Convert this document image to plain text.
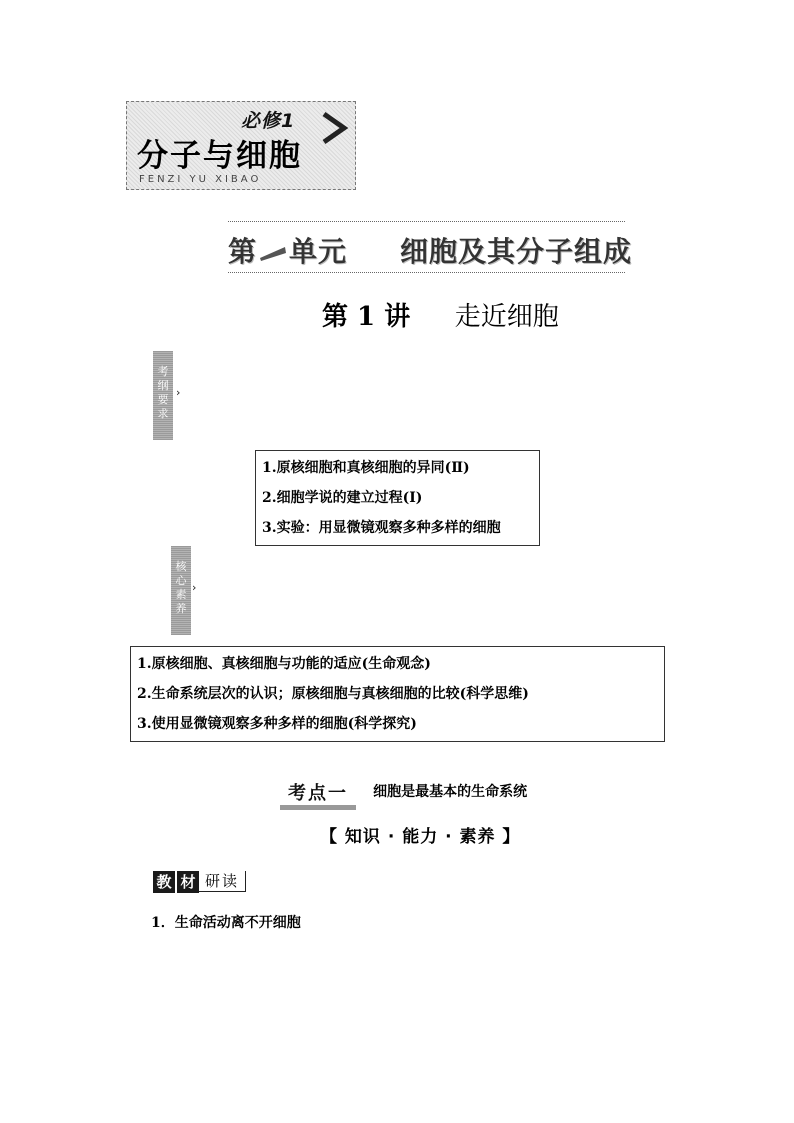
必修1
分子与细胞
FENZI YU XIBAO
第 单元 细胞及其分子组成
第 1 讲 走近细胞
考
纲
要
求
›
1.原核细胞和真核细胞的异同(Ⅱ)
2.细胞学说的建立过程(Ⅰ)
3.实验：用显微镜观察多种多样的细胞
核
心
素
养
›
1.原核细胞、真核细胞与功能的适应(生命观念)
2.生命系统层次的认识；原核细胞与真核细胞的比较(科学思维)
3.使用显微镜观察多种多样的细胞(科学探究)
考点一 细胞是最基本的生命系统
【 知识 · 能力 · 素养 】
教 材 研读
1．生命活动离不开细胞
